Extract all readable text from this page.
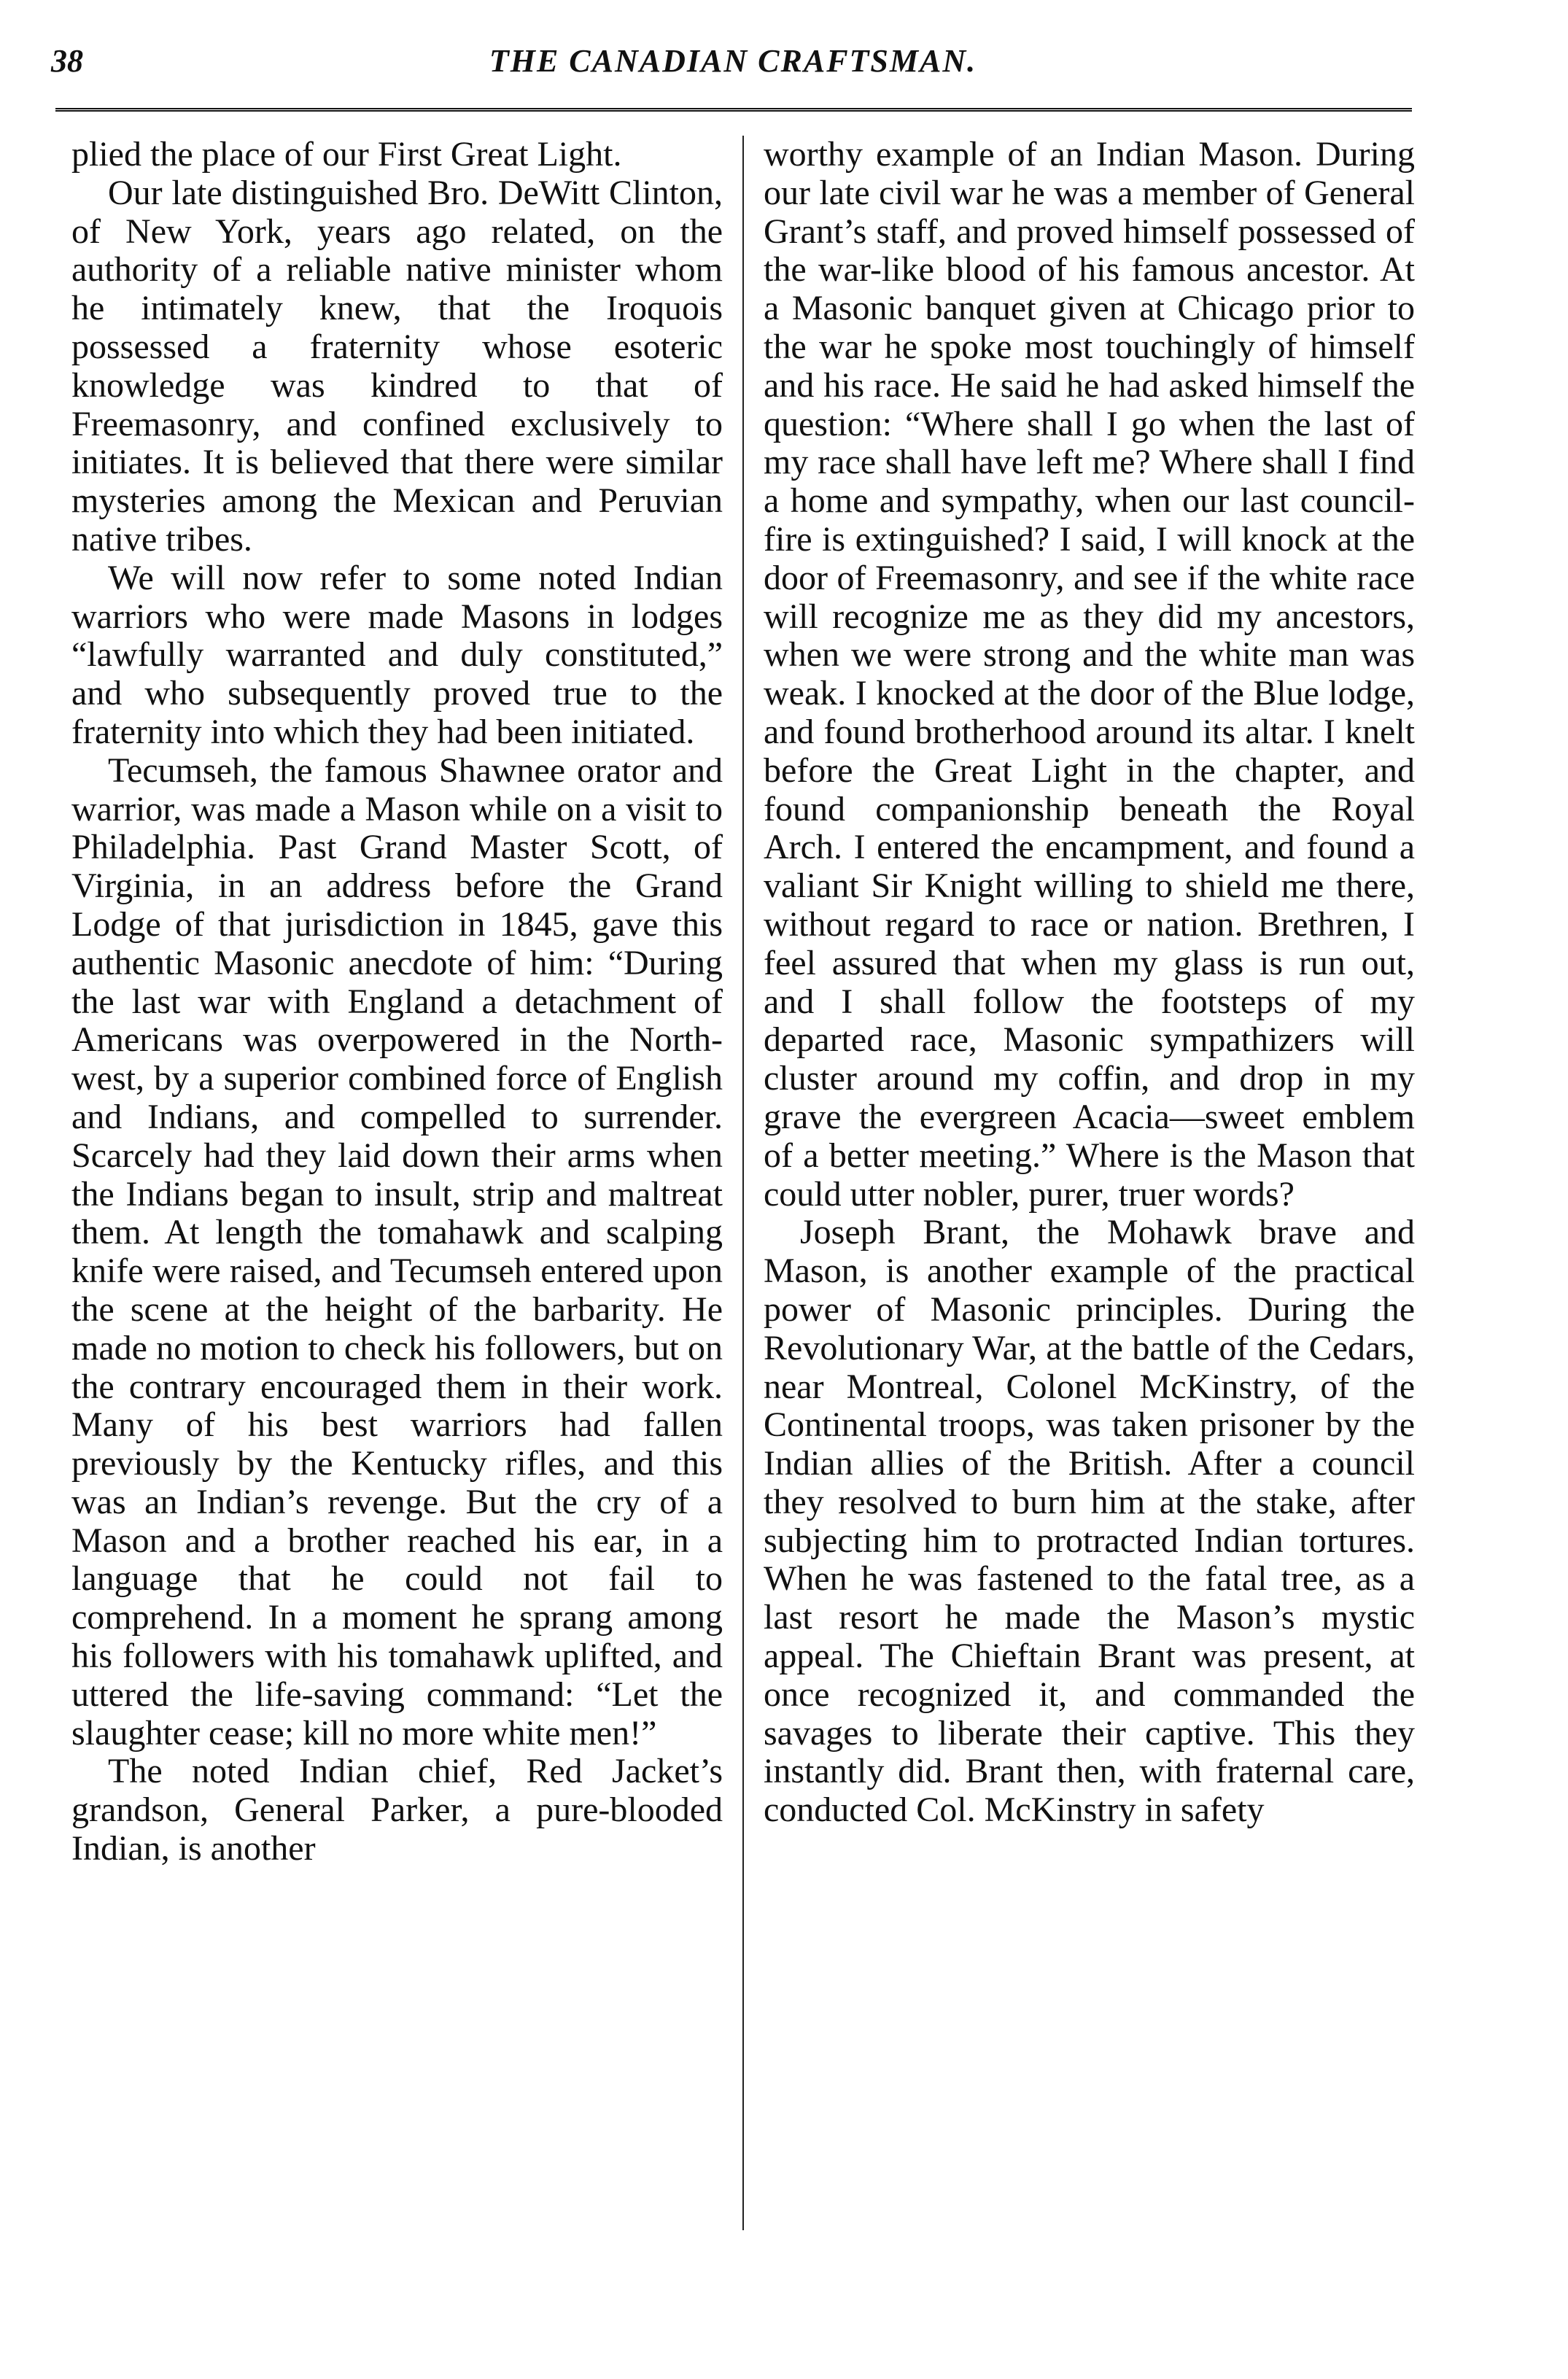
38	THE CANADIAN CRAFTSMAN.

plied the place of our First Great Light.

Our late distinguished Bro. DeWitt Clinton, of New York, years ago related, on the authority of a reliable native minister whom he intimately knew, that the Iroquois possessed a fraternity whose esoteric knowledge was kindred to that of Freemasonry, and confined exclusively to initiates. It is believed that there were similar mysteries among the Mexican and Peruvian native tribes.

We will now refer to some noted Indian warriors who were made Masons in lodges “lawfully warranted and duly constituted,” and who subsequently proved true to the fraternity into which they had been initiated.

Tecumseh, the famous Shawnee orator and warrior, was made a Mason while on a visit to Philadelphia. Past Grand Master Scott, of Virginia, in an address before the Grand Lodge of that jurisdiction in 1845, gave this authentic Masonic anecdote of him: “During the last war with England a detachment of Americans was overpowered in the North-west, by a superior combined force of English and Indians, and compelled to surrender. Scarcely had they laid down their arms when the Indians began to insult, strip and maltreat them. At length the tomahawk and scalping knife were raised, and Tecumseh entered upon the scene at the height of the barbarity. He made no motion to check his followers, but on the contrary encouraged them in their work. Many of his best warriors had fallen previously by the Kentucky rifles, and this was an Indian’s revenge. But the cry of a Mason and a brother reached his ear, in a language that he could not fail to comprehend. In a moment he sprang among his followers with his tomahawk uplifted, and uttered the life-saving command: “Let the slaughter cease; kill no more white men!”

The noted Indian chief, Red Jacket’s grandson, General Parker, a pure-blooded Indian, is another

worthy example of an Indian Mason. During our late civil war he was a member of General Grant’s staff, and proved himself possessed of the war-like blood of his famous ancestor. At a Masonic banquet given at Chicago prior to the war he spoke most touchingly of himself and his race. He said he had asked himself the question: “Where shall I go when the last of my race shall have left me? Where shall I find a home and sympathy, when our last council-fire is extinguished? I said, I will knock at the door of Freemasonry, and see if the white race will recognize me as they did my ancestors, when we were strong and the white man was weak. I knocked at the door of the Blue lodge, and found brotherhood around its altar. I knelt before the Great Light in the chapter, and found companionship beneath the Royal Arch. I entered the encampment, and found a valiant Sir Knight willing to shield me there, without regard to race or nation. Brethren, I feel assured that when my glass is run out, and I shall follow the footsteps of my departed race, Masonic sympathizers will cluster around my coffin, and drop in my grave the evergreen Acacia—sweet emblem of a better meeting.” Where is the Mason that could utter nobler, purer, truer words?

Joseph Brant, the Mohawk brave and Mason, is another example of the practical power of Masonic principles. During the Revolutionary War, at the battle of the Cedars, near Montreal, Colonel McKinstry, of the Continental troops, was taken prisoner by the Indian allies of the British. After a council they resolved to burn him at the stake, after subjecting him to protracted Indian tortures. When he was fastened to the fatal tree, as a last resort he made the Mason’s mystic appeal. The Chieftain Brant was present, at once recognized it, and commanded the savages to liberate their captive. This they instantly did. Brant then, with fraternal care, conducted Col. McKinstry in safety
